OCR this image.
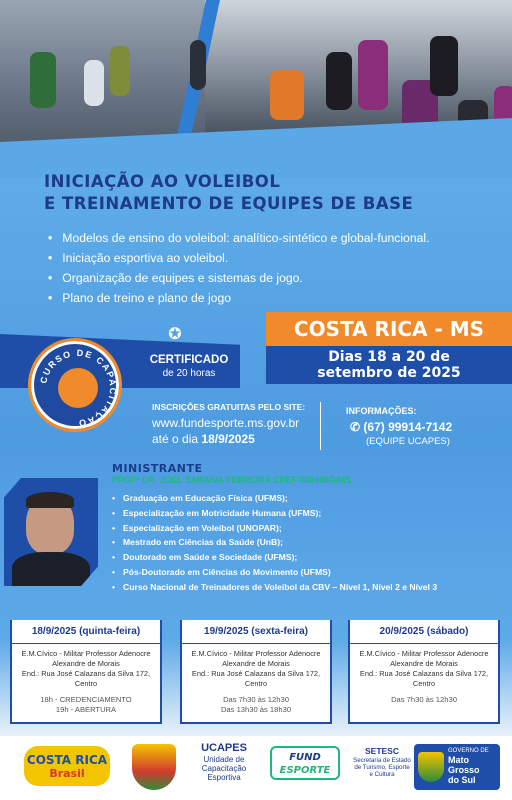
INICIAÇÃO AO VOLEIBOL
E TREINAMENTO DE EQUIPES DE BASE
• Modelos de ensino do voleibol: analítico-sintético e global-funcional.
• Iniciação esportiva ao voleibol.
• Organização de equipes e sistemas de jogo.
• Plano de treino e plano de jogo
CURSO DE CAPACITAÇÃO
✪
CERTIFICADO
de 20 horas
COSTA RICA - MS
Dias 18 a 20 de
setembro de 2025
INSCRIÇÕES GRATUITAS PELO SITE:
www.fundesporte.ms.gov.br
até o dia 18/9/2025
INFORMAÇÕES:
✆ (67) 99914-7142
(EQUIPE UCAPES)
MINISTRANTE
PROFº DR. JOEL SARAIVA FERREIRA CREF 000490G/MS
• Graduação em Educação Física (UFMS);
• Especialização em Motricidade Humana (UFMS);
• Especialização em Voleibol (UNOPAR);
• Mestrado em Ciências da Saúde (UnB);
• Doutorado em Saúde e Sociedade (UFMS);
• Pós-Doutorado em Ciências do Movimento (UFMS)
• Curso Nacional de Treinadores de Voleibol da CBV – Nível 1, Nível 2 e Nível 3
18/9/2025 (quinta-feira)
E.M.Cívico - Militar Professor Adenocre
Alexandre de Morais
End.: Rua José Calazans da Silva 172, Centro
18h - CREDENCIAMENTO
19h - ABERTURA
19/9/2025 (sexta-feira)
E.M.Cívico - Militar Professor Adenocre
Alexandre de Morais
End.: Rua José Calazans da Silva 172, Centro
Das 7h30 às 12h30
Das 13h30 às 18h30
20/9/2025 (sábado)
E.M.Cívico - Militar Professor Adenocre
Alexandre de Morais
End.: Rua José Calazans da Silva 172, Centro
Das 7h30 às 12h30
COSTA RICA
Brasil
UCAPES
Unidade de
Capacitação
Esportiva
FUND
ESPORTE
SETESC
Secretaria de Estado
de Turismo, Esporte
e Cultura
GOVERNO DE
Mato
Grosso
do Sul
